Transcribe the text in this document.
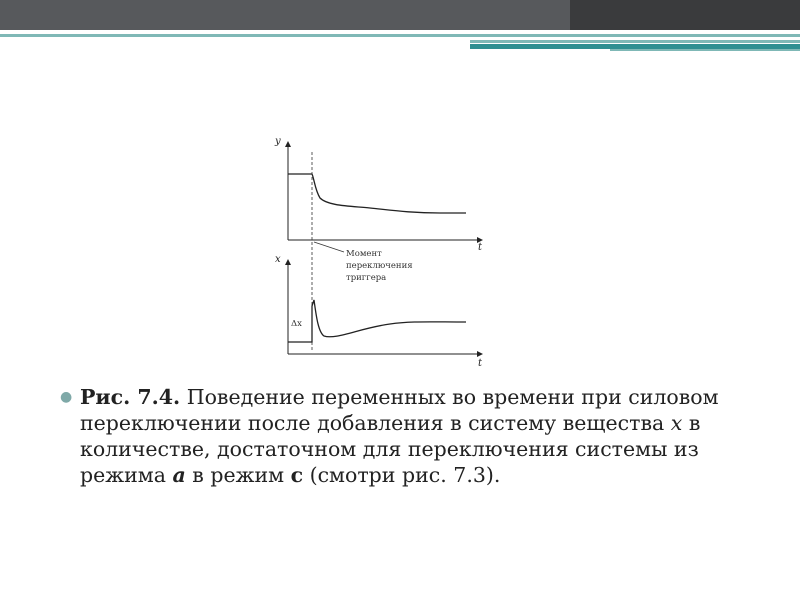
y
t
Момент
переключения
триггера
x
t
Δx
● Рис. 7.4. Поведение переменных во времени при силовом переключении после добавления в систему вещества x в количестве, достаточном для переключения системы из режима a в режим c (смотри рис. 7.3).
